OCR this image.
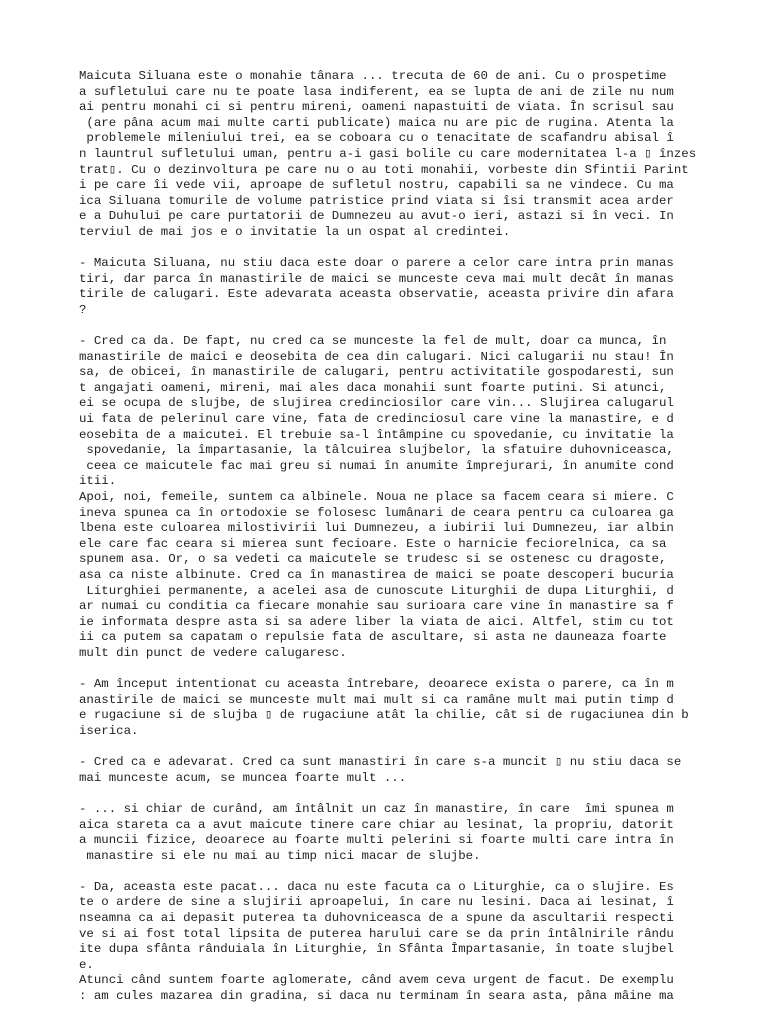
Maicuta Siluana este o monahie tânara ... trecuta de 60 de ani. Cu o prospetime
a sufletului care nu te poate lasa indiferent, ea se lupta de ani de zile nu num
ai pentru monahi ci si pentru mireni, oameni napastuiti de viata. În scrisul sau
(are pâna acum mai multe carti publicate) maica nu are pic de rugina. Atenta la
problemele mileniului trei, ea se coboara cu o tenacitate de scafandru abisal î
n launtrul sufletului uman, pentru a-i gasi bolile cu care modernitatea l-a ▯ înzes
trat▯. Cu o dezinvoltura pe care nu o au toti monahii, vorbeste din Sfintii Parint
i pe care îi vede vii, aproape de sufletul nostru, capabili sa ne vindece. Cu ma
ica Siluana tomurile de volume patristice prind viata si îsi transmit acea arder
e a Duhului pe care purtatorii de Dumnezeu au avut-o ieri, astazi si în veci. In
terviul de mai jos e o invitatie la un ospat al credintei.
- Maicuta Siluana, nu stiu daca este doar o parere a celor care intra prin manas
tiri, dar parca în manastirile de maici se munceste ceva mai mult decât în manas
tirile de calugari. Este adevarata aceasta observatie, aceasta privire din afara
?
- Cred ca da. De fapt, nu cred ca se munceste la fel de mult, doar ca munca, în
manastirile de maici e deosebita de cea din calugari. Nici calugarii nu stau! În
sa, de obicei, în manastirile de calugari, pentru activitatile gospodaresti, sun
t angajati oameni, mireni, mai ales daca monahii sunt foarte putini. Si atunci,
ei se ocupa de slujbe, de slujirea credinciosilor care vin... Slujirea calugarul
ui fata de pelerinul care vine, fata de credinciosul care vine la manastire, e d
eosebita de a maicutei. El trebuie sa-l întâmpine cu spovedanie, cu invitatie la
spovedanie, la împartasanie, la tâlcuirea slujbelor, la sfatuire duhovniceasca,
ceea ce maicutele fac mai greu si numai în anumite împrejurari, în anumite cond
itii.
Apoi, noi, femeile, suntem ca albinele. Noua ne place sa facem ceara si miere. C
ineva spunea ca în ortodoxie se folosesc lumânari de ceara pentru ca culoarea ga
lbena este culoarea milostivirii lui Dumnezeu, a iubirii lui Dumnezeu, iar albin
ele care fac ceara si mierea sunt fecioare. Este o harnicie feciorelnica, ca sa
spunem asa. Or, o sa vedeti ca maicutele se trudesc si se ostenesc cu dragoste,
asa ca niste albinute. Cred ca în manastirea de maici se poate descoperi bucuria
Liturghiei permanente, a acelei asa de cunoscute Liturghii de dupa Liturghii, d
ar numai cu conditia ca fiecare monahie sau surioara care vine în manastire sa f
ie informata despre asta si sa adere liber la viata de aici. Altfel, stim cu tot
ii ca putem sa capatam o repulsie fata de ascultare, si asta ne dauneaza foarte
mult din punct de vedere calugaresc.
- Am început intentionat cu aceasta întrebare, deoarece exista o parere, ca în m
anastirile de maici se munceste mult mai mult si ca ramâne mult mai putin timp d
e rugaciune si de slujba ▯ de rugaciune atât la chilie, cât si de rugaciunea din b
iserica.
- Cred ca e adevarat. Cred ca sunt manastiri în care s-a muncit ▯ nu stiu daca se
mai munceste acum, se muncea foarte mult ...
- ... si chiar de curând, am întâlnit un caz în manastire, în care  îmi spunea m
aica stareta ca a avut maicute tinere care chiar au lesinat, la propriu, datorit
a muncii fizice, deoarece au foarte multi pelerini si foarte multi care intra în
manastire si ele nu mai au timp nici macar de slujbe.
- Da, aceasta este pacat... daca nu este facuta ca o Liturghie, ca o slujire. Es
te o ardere de sine a slujirii aproapelui, în care nu lesini. Daca ai lesinat, î
nseamna ca ai depasit puterea ta duhovniceasca de a spune da ascultarii respecti
ve si ai fost total lipsita de puterea harului care se da prin întâlnirile rându
ite dupa sfânta rânduiala în Liturghie, în Sfânta Împartasanie, în toate slujbel
e.
Atunci când suntem foarte aglomerate, când avem ceva urgent de facut. De exemplu
: am cules mazarea din gradina, si daca nu terminam în seara asta, pâna mâine ma
